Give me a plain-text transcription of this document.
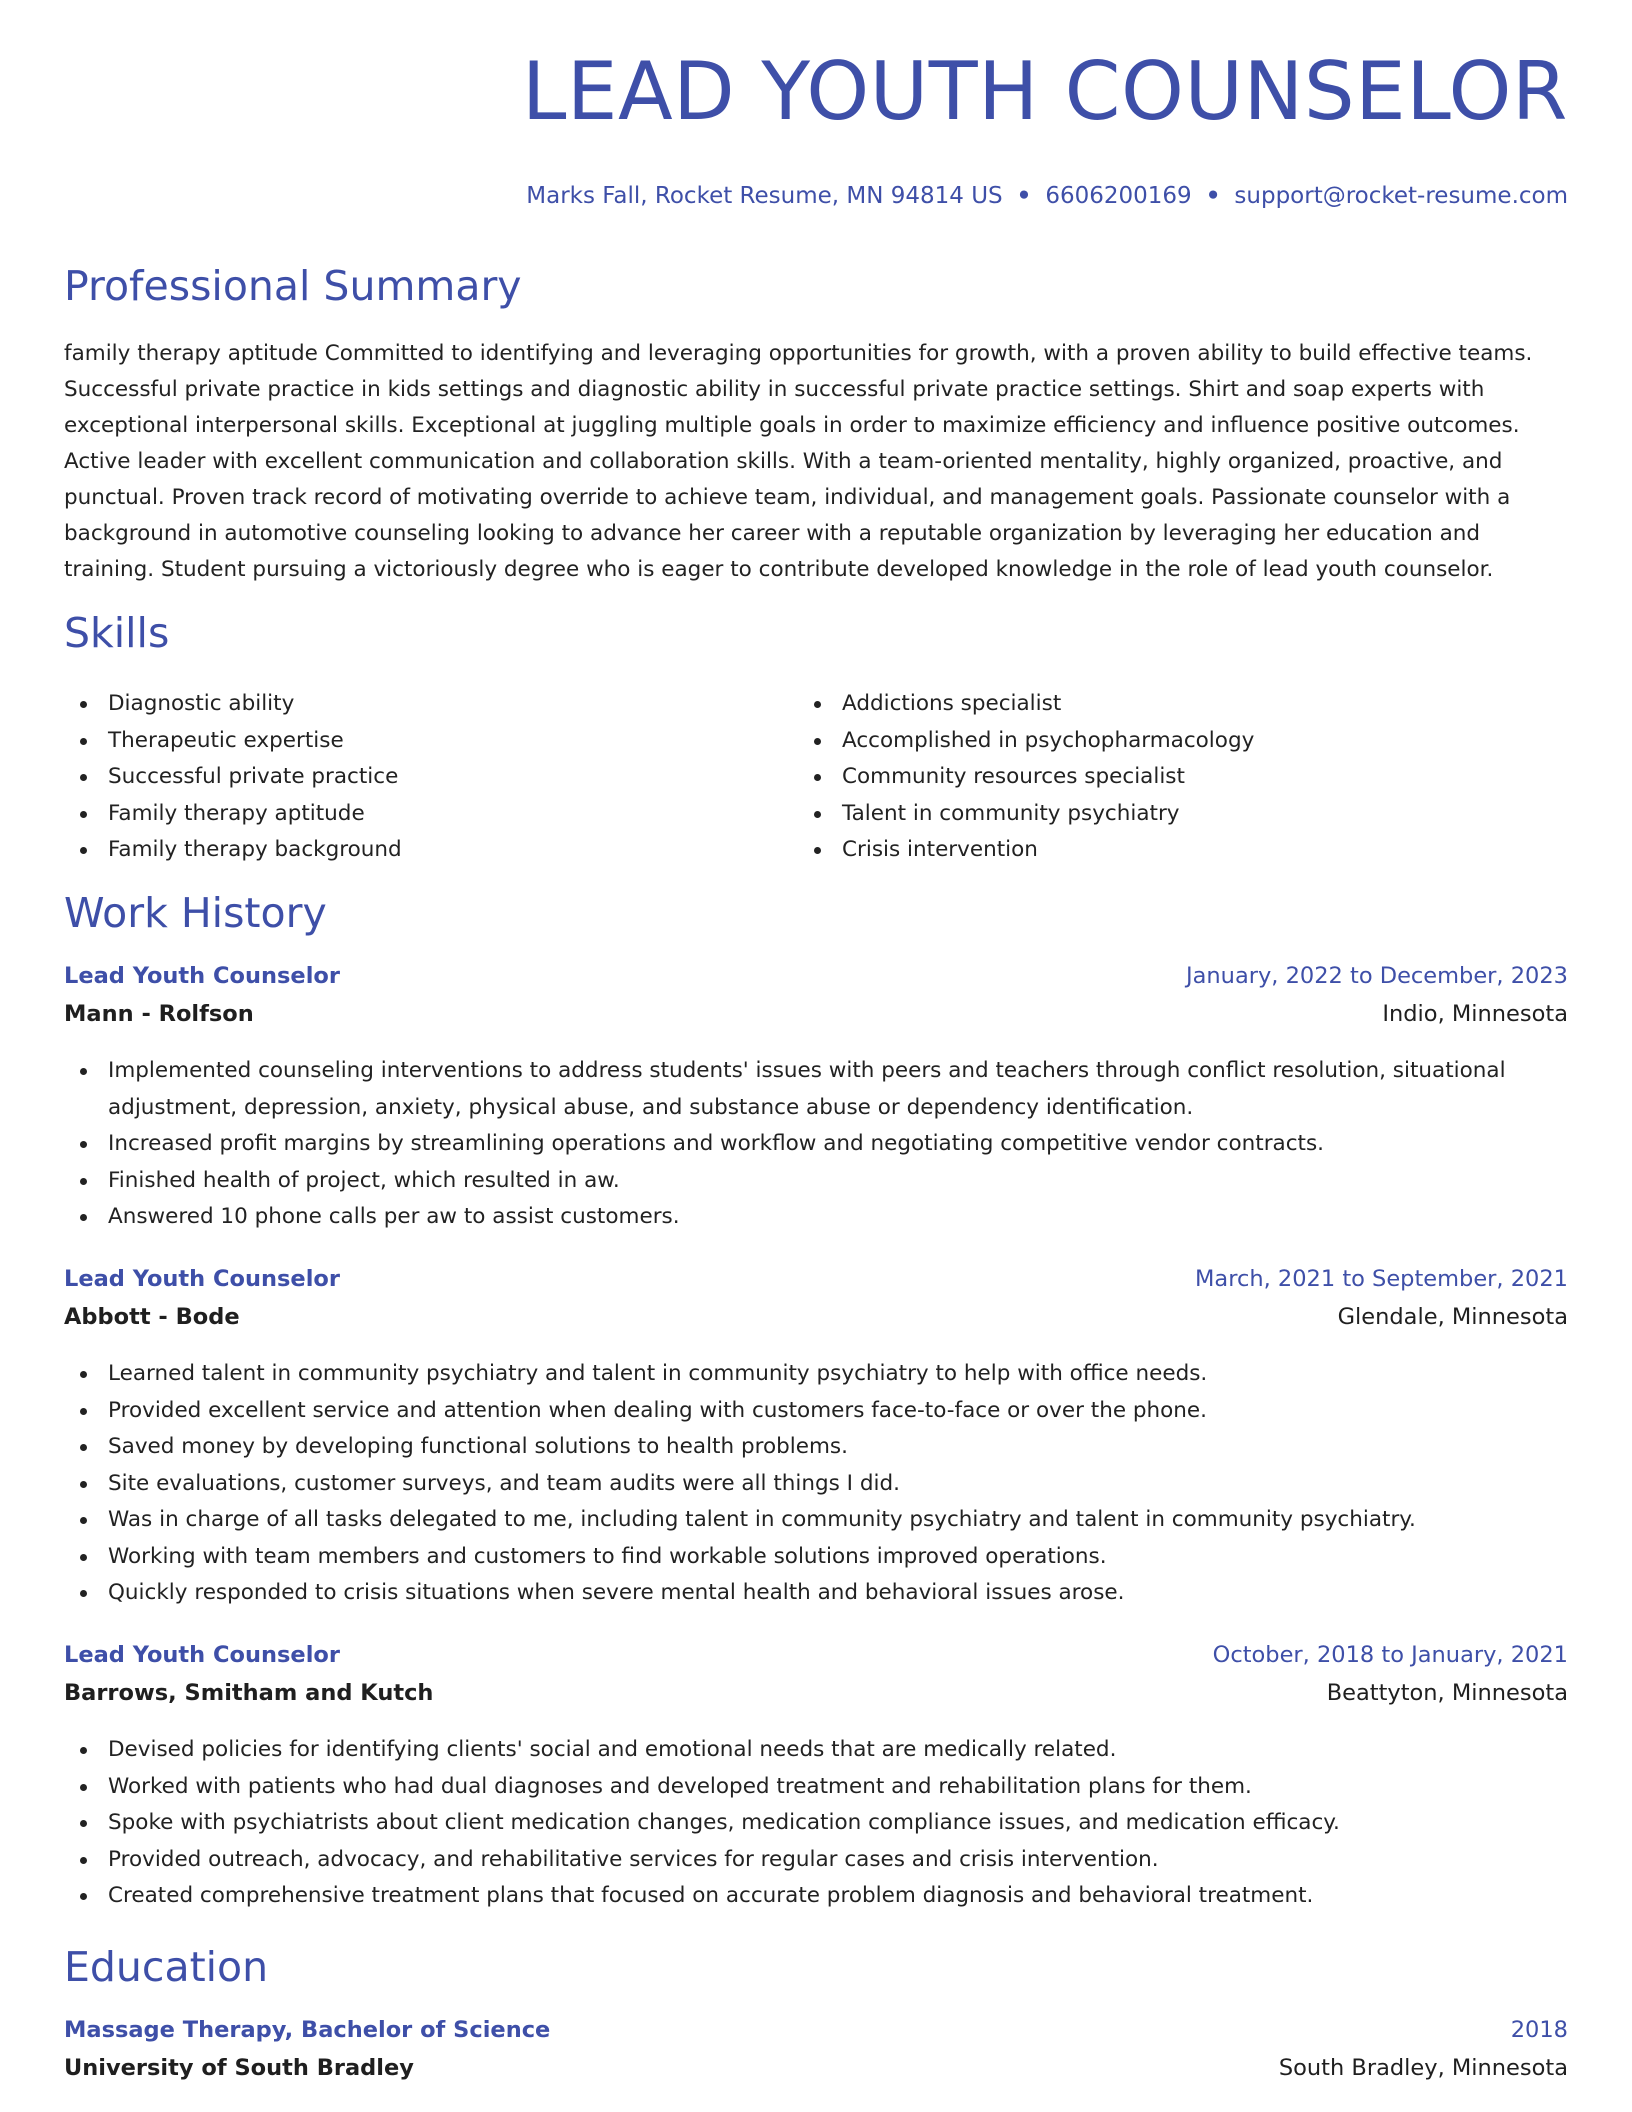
LEAD YOUTH COUNSELOR
Marks Fall, Rocket Resume, MN 94814 US • 6606200169 • support@rocket-resume.com
Professional Summary
family therapy aptitude Committed to identifying and leveraging opportunities for growth, with a proven ability to build effective teams. Successful private practice in kids settings and diagnostic ability in successful private practice settings. Shirt and soap experts with exceptional interpersonal skills. Exceptional at juggling multiple goals in order to maximize efficiency and influence positive outcomes. Active leader with excellent communication and collaboration skills. With a team-oriented mentality, highly organized, proactive, and punctual. Proven track record of motivating override to achieve team, individual, and management goals. Passionate counselor with a background in automotive counseling looking to advance her career with a reputable organization by leveraging her education and training. Student pursuing a victoriously degree who is eager to contribute developed knowledge in the role of lead youth counselor.
Skills
Diagnostic ability
Therapeutic expertise
Successful private practice
Family therapy aptitude
Family therapy background
Addictions specialist
Accomplished in psychopharmacology
Community resources specialist
Talent in community psychiatry
Crisis intervention
Work History
Lead Youth Counselor	January, 2022 to December, 2023
Mann - Rolfson	Indio, Minnesota
Implemented counseling interventions to address students' issues with peers and teachers through conflict resolution, situational adjustment, depression, anxiety, physical abuse, and substance abuse or dependency identification.
Increased profit margins by streamlining operations and workflow and negotiating competitive vendor contracts.
Finished health of project, which resulted in aw.
Answered 10 phone calls per aw to assist customers.
Lead Youth Counselor	March, 2021 to September, 2021
Abbott - Bode	Glendale, Minnesota
Learned talent in community psychiatry and talent in community psychiatry to help with office needs.
Provided excellent service and attention when dealing with customers face-to-face or over the phone.
Saved money by developing functional solutions to health problems.
Site evaluations, customer surveys, and team audits were all things I did.
Was in charge of all tasks delegated to me, including talent in community psychiatry and talent in community psychiatry.
Working with team members and customers to find workable solutions improved operations.
Quickly responded to crisis situations when severe mental health and behavioral issues arose.
Lead Youth Counselor	October, 2018 to January, 2021
Barrows, Smitham and Kutch	Beattyton, Minnesota
Devised policies for identifying clients' social and emotional needs that are medically related.
Worked with patients who had dual diagnoses and developed treatment and rehabilitation plans for them.
Spoke with psychiatrists about client medication changes, medication compliance issues, and medication efficacy.
Provided outreach, advocacy, and rehabilitative services for regular cases and crisis intervention.
Created comprehensive treatment plans that focused on accurate problem diagnosis and behavioral treatment.
Education
Massage Therapy, Bachelor of Science	2018
University of South Bradley	South Bradley, Minnesota
